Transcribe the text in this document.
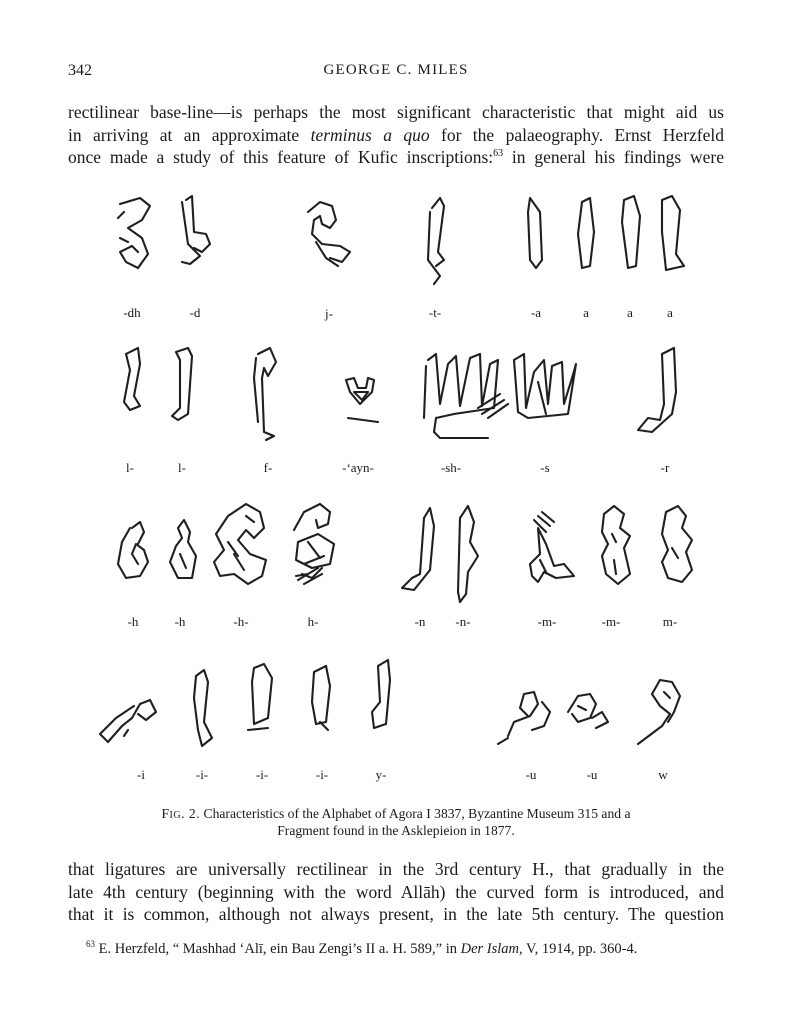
342	GEORGE C. MILES
rectilinear base-line—is perhaps the most significant characteristic that might aid us
in arriving at an approximate terminus a quo for the palaeography. Ernst Herzfeld
once made a study of this feature of Kufic inscriptions:$^{63}$ in general his findings were
-dh	-d	j-	-t-	-a	a	a	a
l-	l-	f-	-‘ayn-	-sh-	-s	-r
-h	-h	-h-	h-	-n -n-	-m-	-m-	m-
-i	-i-	-i-	-i-	y-	-u	-u	w
Fig. 2. Characteristics of the Alphabet of Agora I 3837, Byzantine Museum 315 and a
Fragment found in the Asklepieion in 1877.
that ligatures are universally rectilinear in the 3rd century H., that gradually in the
late 4th century (beginning with the word Allāh) the curved form is introduced, and
that it is common, although not always present, in the late 5th century. The question
$^{63}$ E. Herzfeld, “ Mashhad ‘Alī, ein Bau Zengi’s II a. H. 589,” in Der Islam, V, 1914, pp. 360-4.
